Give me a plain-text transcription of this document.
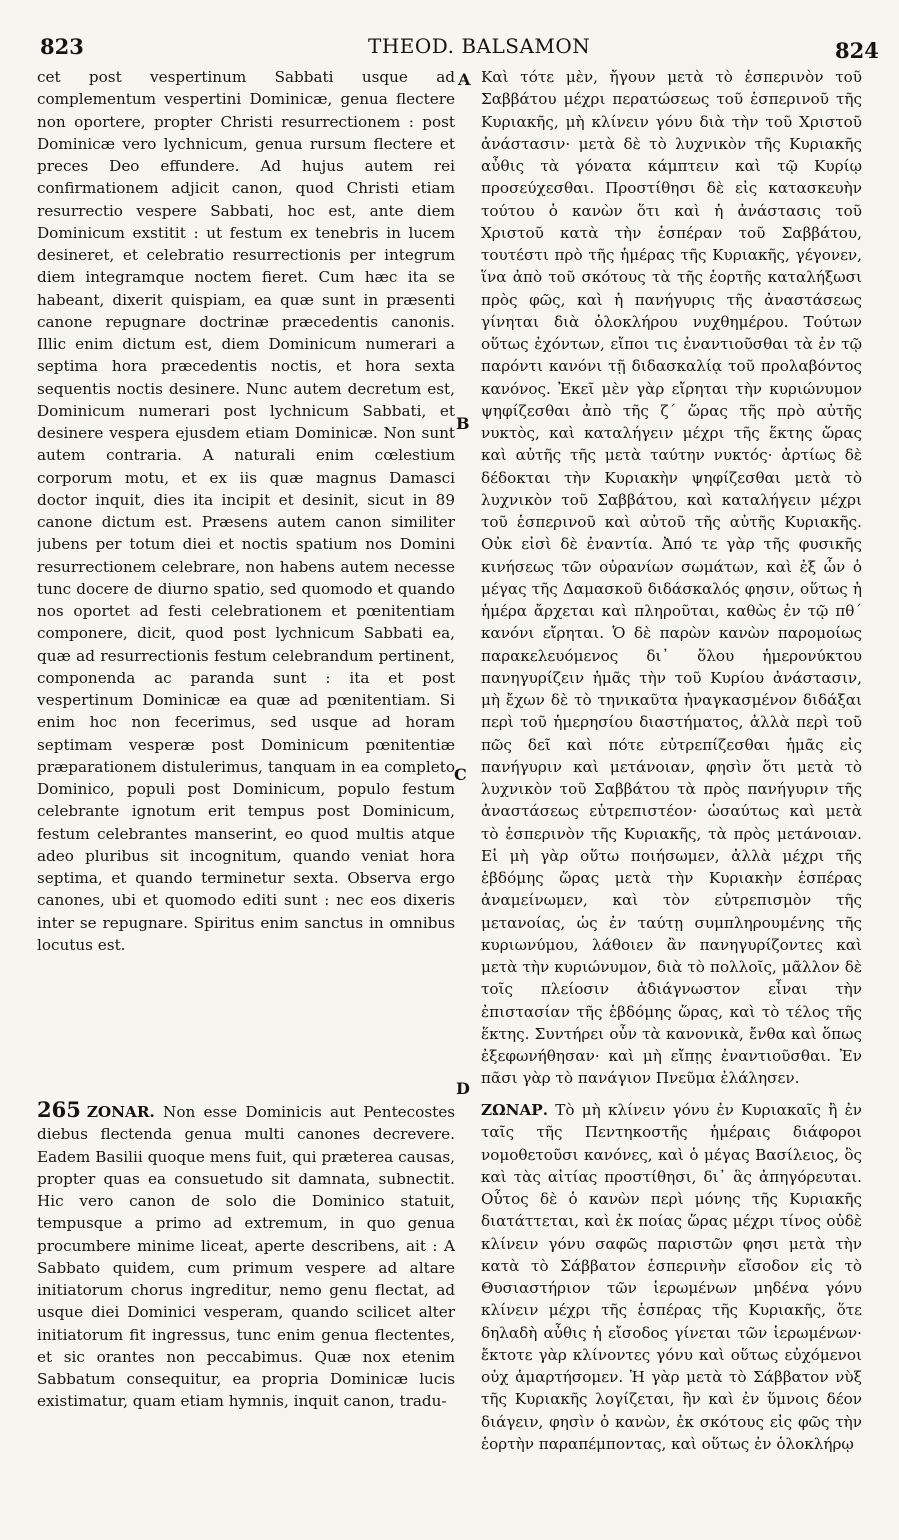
823	THEOD. BALSAMON	824
A
B
C
D

cet post vespertinum Sabbati usque ad complementum vespertini Dominicæ, genua flectere non oportere, propter Christi resurrectionem : post Dominicæ vero lychnicum, genua rursum flectere et preces Deo effundere. Ad hujus autem rei confirmationem adjicit canon, quod Christi etiam resurrectio vespere Sabbati, hoc est, ante diem Dominicum exstitit : ut festum ex tenebris in lucem desineret, et celebratio resurrectionis per integrum diem integramque noctem fieret. Cum hæc ita se habeant, dixerit quispiam, ea quæ sunt in præsenti canone repugnare doctrinæ præcedentis canonis. Illic enim dictum est, diem Dominicum numerari a septima hora præcedentis noctis, et hora sexta sequentis noctis desinere. Nunc autem decretum est, Dominicum numerari post lychnicum Sabbati, et desinere vespera ejusdem etiam Dominicæ. Non sunt autem contraria. A naturali enim cœlestium corporum motu, et ex iis quæ magnus Damasci doctor inquit, dies ita incipit et desinit, sicut in 89 canone dictum est. Præsens autem canon similiter jubens per totum diei et noctis spatium nos Domini resurrectionem celebrare, non habens autem necesse tunc docere de diurno spatio, sed quomodo et quando nos oportet ad festi celebrationem et pœnitentiam componere, dicit, quod post lychnicum Sabbati ea, quæ ad resurrectionis festum celebrandum pertinent, componenda ac paranda sunt : ita et post vespertinum Dominicæ ea quæ ad pœnitentiam. Si enim hoc non fecerimus, sed usque ad horam septimam vesperæ post Dominicum pœnitentiæ præparationem distulerimus, tanquam in ea completo Dominico, populi post Dominicum, populo festum celebrante ignotum erit tempus post Dominicum, festum celebrantes manserint, eo quod multis atque adeo pluribus sit incognitum, quando veniat hora septima, et quando terminetur sexta. Observa ergo canones, ubi et quomodo editi sunt : nec eos dixeris inter se repugnare. Spiritus enim sanctus in omnibus locutus est.

Καὶ τότε μὲν, ἤγουν μετὰ τὸ ἑσπερινὸν τοῦ Σαββάτου μέχρι περατώσεως τοῦ ἑσπερινοῦ τῆς Κυριακῆς, μὴ κλίνειν γόνυ διὰ τὴν τοῦ Χριστοῦ ἀνάστασιν· μετὰ δὲ τὸ λυχνικὸν τῆς Κυριακῆς αὖθις τὰ γόνατα κάμπτειν καὶ τῷ Κυρίῳ προσεύχεσθαι. Προστίθησι δὲ εἰς κατασκευὴν τούτου ὁ κανὼν ὅτι καὶ ἡ ἀνάστασις τοῦ Χριστοῦ κατὰ τὴν ἑσπέραν τοῦ Σαββάτου, τουτέστι πρὸ τῆς ἡμέρας τῆς Κυριακῆς, γέγονεν, ἵνα ἀπὸ τοῦ σκότους τὰ τῆς ἑορτῆς καταλήξωσι πρὸς φῶς, καὶ ἡ πανήγυρις τῆς ἀναστάσεως γίνηται διὰ ὁλοκλήρου νυχθημέρου. Τούτων οὕτως ἐχόντων, εἴποι τις ἐναντιοῦσθαι τὰ ἐν τῷ παρόντι κανόνι τῇ διδασκαλίᾳ τοῦ προλαβόντος κανόνος. Ἐκεῖ μὲν γὰρ εἴρηται τὴν κυριώνυμον ψηφίζεσθαι ἀπὸ τῆς ζ´ ὥρας τῆς πρὸ αὐτῆς νυκτὸς, καὶ καταλήγειν μέχρι τῆς ἕκτης ὥρας καὶ αὐτῆς τῆς μετὰ ταύτην νυκτός· ἀρτίως δὲ δέδοκται τὴν Κυριακὴν ψηφίζεσθαι μετὰ τὸ λυχνικὸν τοῦ Σαββάτου, καὶ καταλήγειν μέχρι τοῦ ἑσπερινοῦ καὶ αὐτοῦ τῆς αὐτῆς Κυριακῆς. Οὐκ εἰσὶ δὲ ἐναντία. Ἀπό τε γὰρ τῆς φυσικῆς κινήσεως τῶν οὐρανίων σωμάτων, καὶ ἐξ ὧν ὁ μέγας τῆς Δαμασκοῦ διδάσκαλός φησιν, οὕτως ἡ ἡμέρα ἄρχεται καὶ πληροῦται, καθὼς ἐν τῷ πθ´ κανόνι εἴρηται. Ὁ δὲ παρὼν κανὼν παρομοίως παρακελευόμενος δι᾽ ὅλου ἡμερονύκτου πανηγυρίζειν ἡμᾶς τὴν τοῦ Κυρίου ἀνάστασιν, μὴ ἔχων δὲ τὸ τηνικαῦτα ἠναγκασμένον διδάξαι περὶ τοῦ ἡμερησίου διαστήματος, ἀλλὰ περὶ τοῦ πῶς δεῖ καὶ πότε εὐτρεπίζεσθαι ἡμᾶς εἰς πανήγυριν καὶ μετάνοιαν, φησὶν ὅτι μετὰ τὸ λυχνικὸν τοῦ Σαββάτου τὰ πρὸς πανήγυριν τῆς ἀναστάσεως εὐτρεπιστέον· ὡσαύτως καὶ μετὰ τὸ ἑσπερινὸν τῆς Κυριακῆς, τὰ πρὸς μετάνοιαν. Εἰ μὴ γὰρ οὕτω ποιήσωμεν, ἀλλὰ μέχρι τῆς ἑβδόμης ὥρας μετὰ τὴν Κυριακὴν ἑσπέρας ἀναμείνωμεν, καὶ τὸν εὐτρεπισμὸν τῆς μετανοίας, ὡς ἐν ταύτῃ συμπληρουμένης τῆς κυριωνύμου, λάθοιεν ἂν πανηγυρίζοντες καὶ μετὰ τὴν κυριώνυμον, διὰ τὸ πολλοῖς, μᾶλλον δὲ τοῖς πλείοσιν ἀδιάγνωστον εἶναι τὴν ἐπιστασίαν τῆς ἑβδόμης ὥρας, καὶ τὸ τέλος τῆς ἕκτης. Συντήρει οὖν τὰ κανονικὰ, ἔνθα καὶ ὅπως ἐξεφωνήθησαν· καὶ μὴ εἴπῃς ἐναντιοῦσθαι. Ἐν πᾶσι γὰρ τὸ πανάγιον Πνεῦμα ἐλάλησεν.

265 ZONAR. Non esse Dominicis aut Pentecostes diebus flectenda genua multi canones decrevere. Eadem Basilii quoque mens fuit, qui præterea causas, propter quas ea consuetudo sit damnata, subnectit. Hic vero canon de solo die Dominico statuit, tempusque a primo ad extremum, in quo genua procumbere minime liceat, aperte describens, ait : A Sabbato quidem, cum primum vespere ad altare initiatorum chorus ingreditur, nemo genu flectat, ad usque diei Dominici vesperam, quando scilicet alter initiatorum fit ingressus, tunc enim genua flectentes, et sic orantes non peccabimus. Quæ nox etenim Sabbatum consequitur, ea propria Dominicæ lucis existimatur, quam etiam hymnis, inquit canon, tradu-

ΖΩΝΑΡ. Τὸ μὴ κλίνειν γόνυ ἐν Κυριακαῖς ἢ ἐν ταῖς τῆς Πεντηκοστῆς ἡμέραις διάφοροι νομοθετοῦσι κανόνες, καὶ ὁ μέγας Βασίλειος, ὃς καὶ τὰς αἰτίας προστίθησι, δι᾽ ἃς ἀπηγόρευται. Οὗτος δὲ ὁ κανὼν περὶ μόνης τῆς Κυριακῆς διατάττεται, καὶ ἐκ ποίας ὥρας μέχρι τίνος οὐδὲ κλίνειν γόνυ σαφῶς παριστῶν φησι μετὰ τὴν κατὰ τὸ Σάββατον ἑσπερινὴν εἴσοδον εἰς τὸ Θυσιαστήριον τῶν ἱερωμένων μηδένα γόνυ κλίνειν μέχρι τῆς ἑσπέρας τῆς Κυριακῆς, ὅτε δηλαδὴ αὖθις ἡ εἴσοδος γίνεται τῶν ἱερωμένων· ἔκτοτε γὰρ κλίνοντες γόνυ καὶ οὕτως εὐχόμενοι οὐχ ἁμαρτήσομεν. Ἡ γὰρ μετὰ τὸ Σάββατον νὺξ τῆς Κυριακῆς λογίζεται, ἣν καὶ ἐν ὕμνοις δέον διάγειν, φησὶν ὁ κανὼν, ἐκ σκότους εἰς φῶς τὴν ἑορτὴν παραπέμποντας, καὶ οὕτως ἐν ὁλοκλήρῳ
